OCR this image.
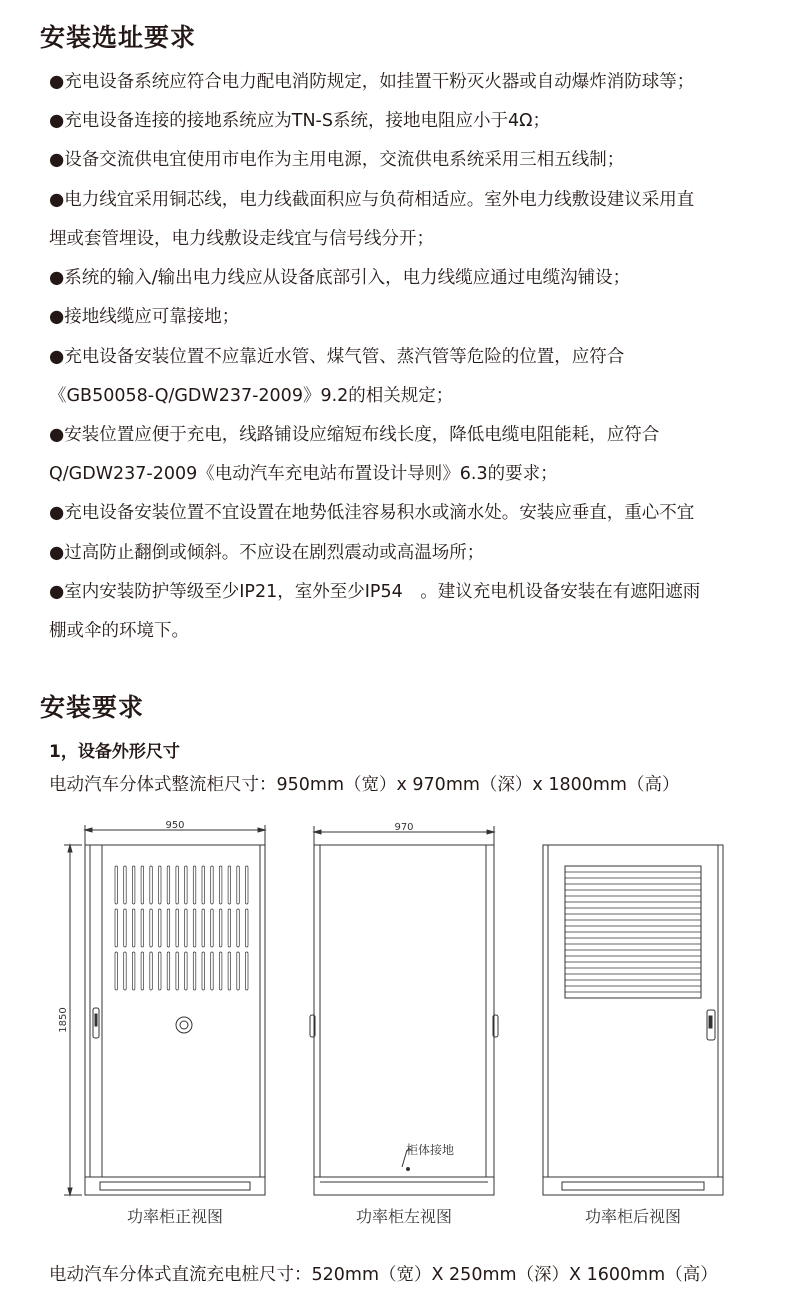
安装选址要求
●充电设备系统应符合电力配电消防规定，如挂置干粉灭火器或自动爆炸消防球等；
●充电设备连接的接地系统应为TN-S系统，接地电阻应小于4Ω；
●设备交流供电宜使用市电作为主用电源，交流供电系统采用三相五线制；
●电力线宜采用铜芯线，电力线截面积应与负荷相适应。室外电力线敷设建议采用直
埋或套管埋设，电力线敷设走线宜与信号线分开；
●系统的输入/输出电力线应从设备底部引入，电力线缆应通过电缆沟铺设；
●接地线缆应可靠接地；
●充电设备安装位置不应靠近水管、煤气管、蒸汽管等危险的位置，应符合
《GB50058-Q/GDW237-2009》9.2的相关规定；
●安装位置应便于充电，线路铺设应缩短布线长度，降低电缆电阻能耗，应符合
Q/GDW237-2009《电动汽车充电站布置设计导则》6.3的要求；
●充电设备安装位置不宜设置在地势低洼容易积水或滴水处。安装应垂直，重心不宜
●过高防止翻倒或倾斜。不应设在剧烈震动或高温场所；
●室内安装防护等级至少IP21，室外至少IP54　。建议充电机设备安装在有遮阳遮雨
棚或伞的环境下。
安装要求
1，设备外形尺寸
电动汽车分体式整流柜尺寸：950mm（宽）x 970mm（深）x 1800mm（高）
950	970
1850
柜体接地
功率柜正视图	功率柜左视图	功率柜后视图
电动汽车分体式直流充电桩尺寸：520mm（宽）X 250mm（深）X 1600mm（高）
